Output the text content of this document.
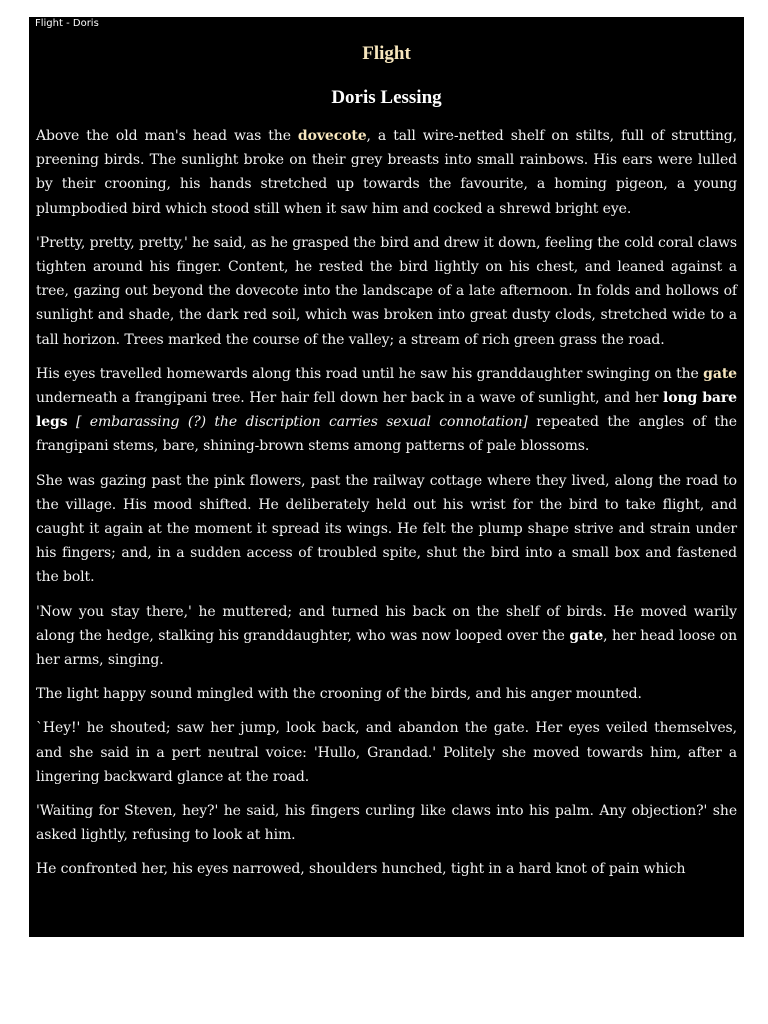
Flight - Doris
Flight
Doris Lessing

Above the old man's head was the dovecote, a tall wire-netted shelf on stilts, full of strutting, preening birds. The sunlight broke on their grey breasts into small rainbows. His ears were lulled by their crooning, his hands stretched up towards the favourite, a homing pigeon, a young plumpbodied bird which stood still when it saw him and cocked a shrewd bright eye.

'Pretty, pretty, pretty,' he said, as he grasped the bird and drew it down, feeling the cold coral claws tighten around his finger. Content, he rested the bird lightly on his chest, and leaned against a tree, gazing out beyond the dovecote into the landscape of a late afternoon. In folds and hollows of sunlight and shade, the dark red soil, which was broken into great dusty clods, stretched wide to a tall horizon. Trees marked the course of the valley; a stream of rich green grass the road.

His eyes travelled homewards along this road until he saw his granddaughter swinging on the gate underneath a frangipani tree. Her hair fell down her back in a wave of sunlight, and her long bare legs [ embarassing (?) the discription carries sexual connotation] repeated the angles of the frangipani stems, bare, shining-brown stems among patterns of pale blossoms.

She was gazing past the pink flowers, past the railway cottage where they lived, along the road to the village. His mood shifted. He deliberately held out his wrist for the bird to take flight, and caught it again at the moment it spread its wings. He felt the plump shape strive and strain under his fingers; and, in a sudden access of troubled spite, shut the bird into a small box and fastened the bolt.

'Now you stay there,' he muttered; and turned his back on the shelf of birds. He moved warily along the hedge, stalking his granddaughter, who was now looped over the gate, her head loose on her arms, singing.

The light happy sound mingled with the crooning of the birds, and his anger mounted.

`Hey!' he shouted; saw her jump, look back, and abandon the gate. Her eyes veiled themselves, and she said in a pert neutral voice: 'Hullo, Grandad.' Politely she moved towards him, after a lingering backward glance at the road.

'Waiting for Steven, hey?' he said, his fingers curling like claws into his palm. Any objection?' she asked lightly, refusing to look at him.

He confronted her, his eyes narrowed, shoulders hunched, tight in a hard knot of pain which
